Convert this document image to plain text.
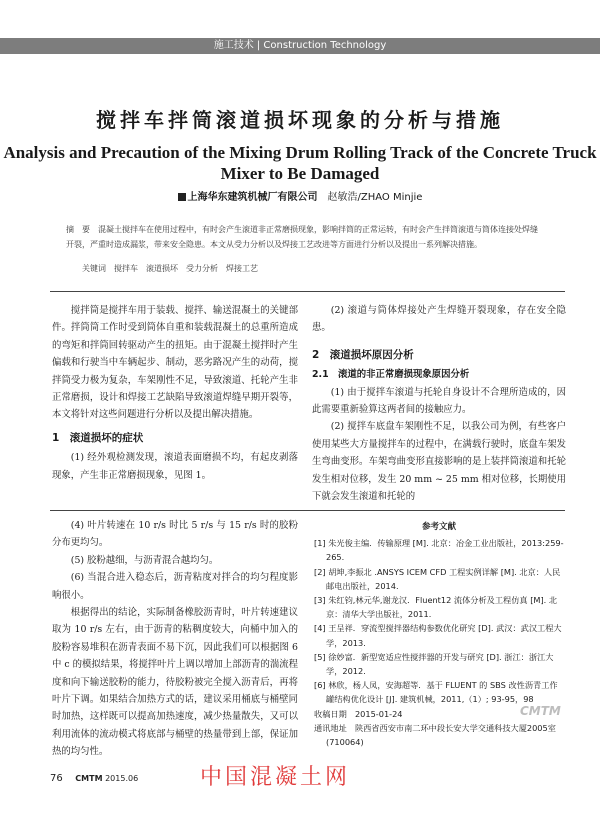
施工技术 | Construction Technology
搅拌车拌筒滚道损坏现象的分析与措施
Analysis and Precaution of the Mixing Drum Rolling Track of the Concrete Truck Mixer to Be Damaged
上海华东建筑机械厂有限公司　 赵敏浩/ZHAO Minjie
摘　要　 混凝土搅拌车在使用过程中，有时会产生滚道非正常磨损现象，影响拌筒的正常运转，有时会产生拌筒滚道与筒体连接处焊缝开裂，严重时造成漏浆，带来安全隐患。本文从受力分析以及焊接工艺改进等方面进行分析以及提出一系列解决措施。
关键词　 搅拌车　滚道损坏　受力分析　焊接工艺

搅拌筒是搅拌车用于装载、搅拌、输送混凝土的关键部件。拌筒筒工作时受到筒体自重和装载混凝土的总重所造成的弯矩和拌筒回转驱动产生的扭矩。由于混凝土搅拌时产生偏载和行驶当中车辆起步、制动，恶劣路况产生的动荷，搅拌筒受力极为复杂，车架刚性不足，导致滚道、托轮产生非正常磨损，设计和焊接工艺缺陷导致滚道焊缝早期开裂等，本文将针对这些问题进行分析以及提出解决措施。

1　滚道损坏的症状

(1) 经外观检测发现，滚道表面磨损不均，有起皮剥落现象，产生非正常磨损现象，见图 1。

(2) 滚道与筒体焊接处产生焊缝开裂现象，存在安全隐患。

2　滚道损坏原因分析
2.1　滚道的非正常磨损现象原因分析

(1) 由于搅拌车滚道与托轮自身设计不合理所造成的，因此需要重新验算这两者间的接触应力。

(2) 搅拌车底盘车架刚性不足，以我公司为例，有些客户使用某些大方量搅拌车的过程中，在满载行驶时，底盘车架发生弯曲变形。车架弯曲变形直接影响的是上装拌筒滚道和托轮发生相对位移，发生 20 mm ~ 25 mm 相对位移，长期使用下就会发生滚道和托轮的

(4) 叶片转速在 10 r/s 时比 5 r/s 与 15 r/s 时的胶粉分布更均匀。

(5) 胶粉越细，与沥青混合越均匀。

(6) 当混合进入稳态后，沥青粘度对拌合的均匀程度影响很小。

根据得出的结论，实际制备橡胶沥青时，叶片转速建议取为 10 r/s 左右，由于沥青的粘稠度较大，向桶中加入的胶粉容易堆积在沥青表面不易下沉，因此我们可以根据图 6 中 c 的模拟结果，将搅拌叶片上调以增加上部沥青的湍流程度和向下输送胶粉的能力，待胶粉被完全搅入沥青后，再将叶片下调。如果结合加热方式的话，建议采用桶底与桶壁同时加热，这样既可以提高加热速度，减少热量散失，又可以利用流体的流动模式将底部与桶壁的热量带到上部，保证加热的均匀性。

参考文献
[1] 朱光俊主编．传输原理 [M]. 北京：冶金工业出版社，2013:259-265.
[2] 胡坤,李振北 .ANSYS ICEM CFD 工程实例详解 [M]. 北京：人民邮电出版社，2014.
[3] 朱红钧,林元华,谢龙汉．Fluent12 流体分析及工程仿真 [M]. 北京：清华大学出版社，2011.
[4] 王呈祥．穿流型搅拌器结构参数优化研究 [D]. 武汉：武汉工程大学，2013.
[5] 徐妙富．新型宽适应性搅拌器的开发与研究 [D]. 浙江：浙江大学，2012.
[6] 林欣，杨人凤，安海超等．基于 FLUENT 的 SBS 改性沥青工作罐结构优化设计 [J]. 建筑机械，2011,（1）; 93-95，98
收稿日期　2015-01-24
通讯地址　陕西省西安市南二环中段长安大学交通科技大厦2005室 (710064)
CMTM
76 CMTM 2015.06	中国混凝土网
